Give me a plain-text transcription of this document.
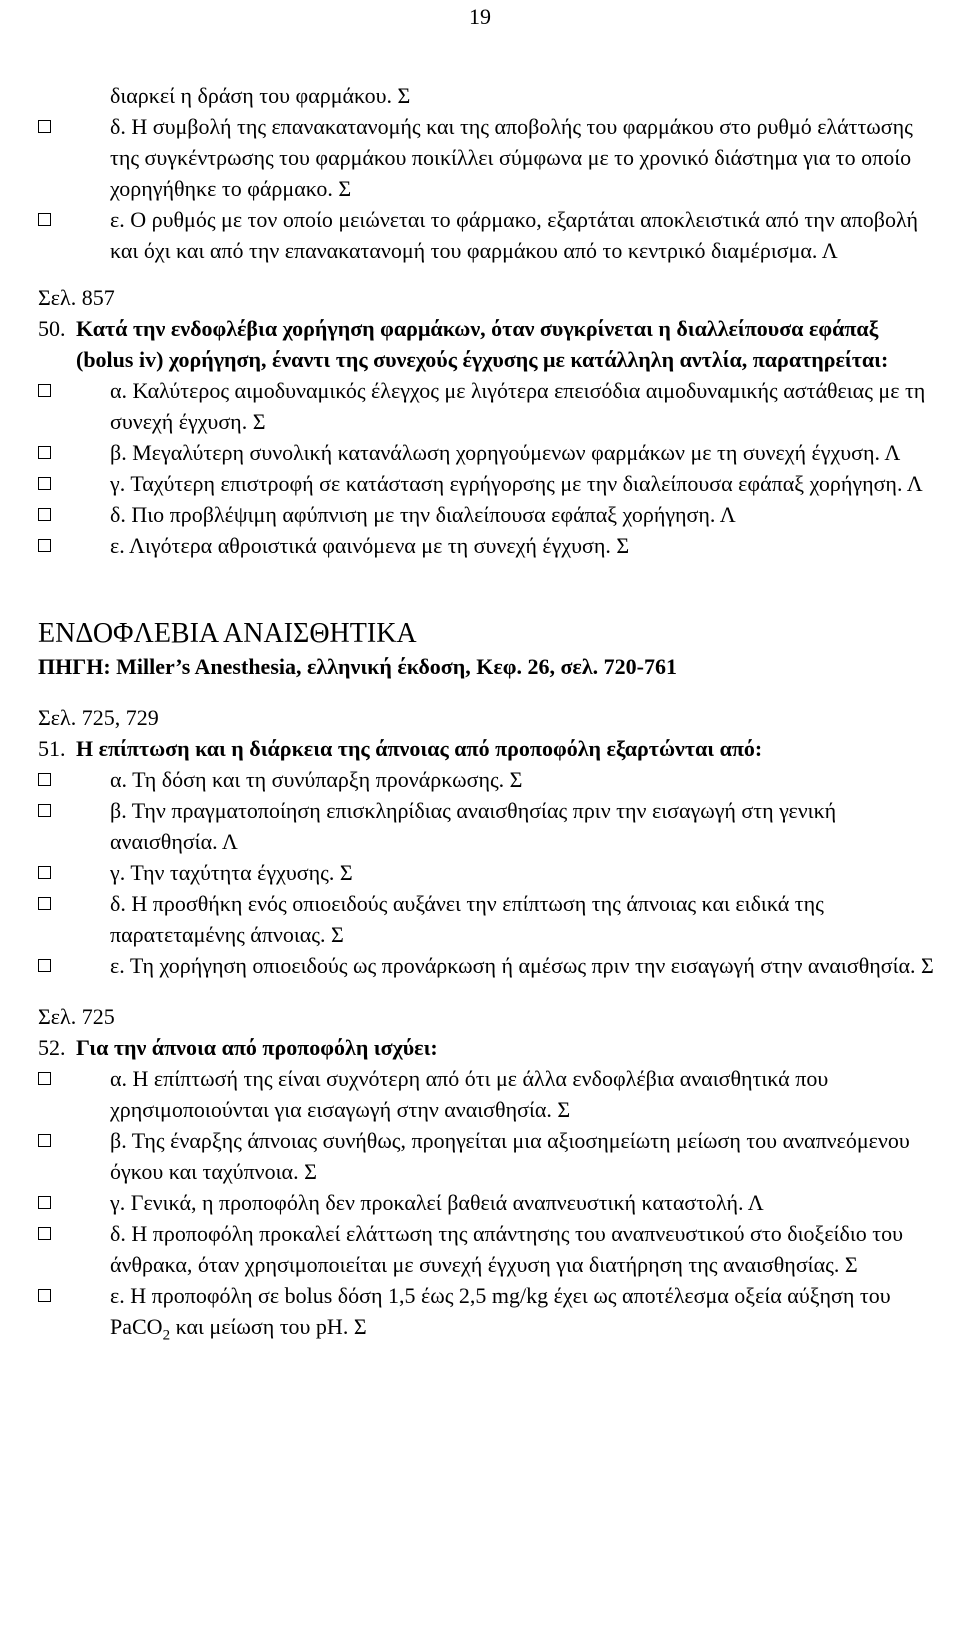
19

διαρκεί η δράση του φαρμάκου. Σ

δ. Η συμβολή της επανακατανομής και της αποβολής του φαρμάκου στο ρυθμό ελάττωσης της συγκέντρωσης του φαρμάκου ποικίλλει σύμφωνα με το χρονικό διάστημα για το οποίο χορηγήθηκε το φάρμακο. Σ
ε. Ο ρυθμός με τον οποίο μειώνεται το φάρμακο, εξαρτάται αποκλειστικά από την αποβολή και όχι και από την επανακατανομή του φαρμάκου από το κεντρικό διαμέρισμα. Λ

Σελ. 857

50. Κατά την ενδοφλέβια χορήγηση φαρμάκων, όταν συγκρίνεται η διαλλείπουσα εφάπαξ (bolus iv) χορήγηση, έναντι της συνεχούς έγχυσης με κατάλληλη αντλία, παρατηρείται:
α. Καλύτερος αιμοδυναμικός έλεγχος με λιγότερα επεισόδια αιμοδυναμικής αστάθειας με τη συνεχή έγχυση. Σ
β. Μεγαλύτερη συνολική κατανάλωση χορηγούμενων φαρμάκων με τη συνεχή έγχυση. Λ
γ. Ταχύτερη επιστροφή σε κατάσταση εγρήγορσης με την διαλείπουσα εφάπαξ χορήγηση. Λ
δ. Πιο προβλέψιμη αφύπνιση με την διαλείπουσα εφάπαξ χορήγηση. Λ
ε. Λιγότερα αθροιστικά φαινόμενα με τη συνεχή έγχυση. Σ
ΕΝΔΟΦΛΕΒΙΑ ΑΝΑΙΣΘΗΤΙΚΑ

ΠΗΓΗ: Miller’s Anesthesia, ελληνική έκδοση, Κεφ. 26, σελ. 720-761

Σελ. 725, 729

51. Η επίπτωση και η διάρκεια της άπνοιας από προποφόλη εξαρτώνται από:
α. Τη δόση και τη συνύπαρξη προνάρκωσης. Σ
β. Την πραγματοποίηση επισκληρίδιας αναισθησίας πριν την εισαγωγή στη γενική αναισθησία. Λ
γ. Την ταχύτητα έγχυσης. Σ
δ. Η προσθήκη ενός οπιοειδούς αυξάνει την επίπτωση της άπνοιας και ειδικά της παρατεταμένης άπνοιας. Σ
ε. Τη χορήγηση οπιοειδούς ως προνάρκωση ή αμέσως πριν την εισαγωγή στην αναισθησία. Σ

Σελ. 725

52. Για την άπνοια από προποφόλη ισχύει:
α. Η επίπτωσή της είναι συχνότερη από ότι με άλλα ενδοφλέβια αναισθητικά που χρησιμοποιούνται για εισαγωγή στην αναισθησία. Σ
β. Της έναρξης άπνοιας συνήθως, προηγείται μια αξιοσημείωτη μείωση του αναπνεόμενου όγκου και ταχύπνοια. Σ
γ. Γενικά, η προποφόλη δεν προκαλεί βαθειά αναπνευστική καταστολή. Λ
δ. Η προποφόλη προκαλεί ελάττωση της απάντησης του αναπνευστικού στο διοξείδιο του άνθρακα, όταν χρησιμοποιείται με συνεχή έγχυση για διατήρηση της αναισθησίας. Σ
ε. Η προποφόλη σε bolus δόση 1,5 έως 2,5 mg/kg έχει ως αποτέλεσμα οξεία αύξηση του PaCO$_2$ και μείωση του pH. Σ
